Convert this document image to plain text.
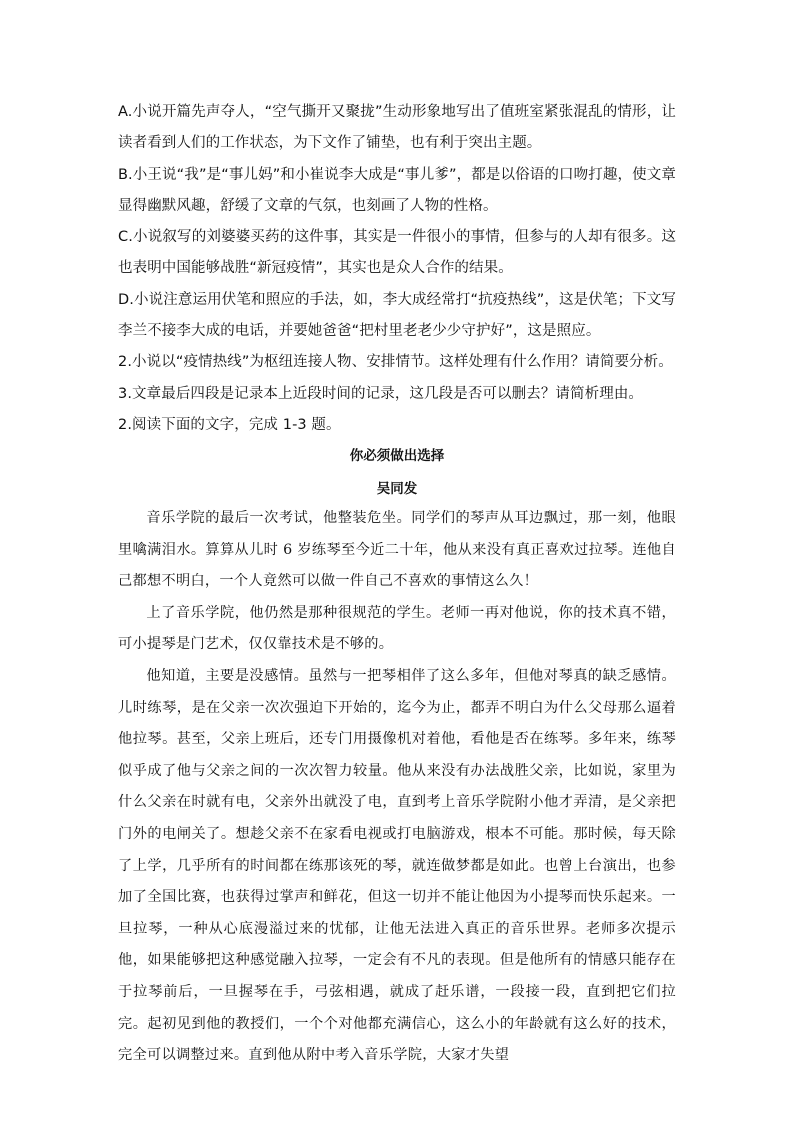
A.小说开篇先声夺人，“空气撕开又聚拢”生动形象地写出了值班室紧张混乱的情形，让读者看到人们的工作状态，为下文作了铺垫，也有利于突出主题。

B.小王说“我”是“事儿妈”和小崔说李大成是“事儿爹”，都是以俗语的口吻打趣，使文章显得幽默风趣，舒缓了文章的气氛，也刻画了人物的性格。

C.小说叙写的刘婆婆买药的这件事，其实是一件很小的事情，但参与的人却有很多。这也表明中国能够战胜“新冠疫情”，其实也是众人合作的结果。

D.小说注意运用伏笔和照应的手法，如，李大成经常打“抗疫热线”，这是伏笔；下文写李兰不接李大成的电话，并要她爸爸“把村里老老少少守护好”，这是照应。

2.小说以“疫情热线”为枢纽连接人物、安排情节。这样处理有什么作用？请简要分析。

3.文章最后四段是记录本上近段时间的记录，这几段是否可以删去？请简析理由。

2.阅读下面的文字，完成 1-3 题。

你必须做出选择
吴同发

音乐学院的最后一次考试，他整装危坐。同学们的琴声从耳边飘过，那一刻，他眼里噙满泪水。算算从儿时 6 岁练琴至今近二十年，他从来没有真正喜欢过拉琴。连他自己都想不明白，一个人竟然可以做一件自己不喜欢的事情这么久！

上了音乐学院，他仍然是那种很规范的学生。老师一再对他说，你的技术真不错，可小提琴是门艺术，仅仅靠技术是不够的。

他知道，主要是没感情。虽然与一把琴相伴了这么多年，但他对琴真的缺乏感情。儿时练琴，是在父亲一次次强迫下开始的，迄今为止，都弄不明白为什么父母那么逼着他拉琴。甚至，父亲上班后，还专门用摄像机对着他，看他是否在练琴。多年来，练琴似乎成了他与父亲之间的一次次智力较量。他从来没有办法战胜父亲，比如说，家里为什么父亲在时就有电，父亲外出就没了电，直到考上音乐学院附小他才弄清，是父亲把门外的电闸关了。想趁父亲不在家看电视或打电脑游戏，根本不可能。那时候，每天除了上学，几乎所有的时间都在练那该死的琴，就连做梦都是如此。也曾上台演出，也参加了全国比赛，也获得过掌声和鲜花，但这一切并不能让他因为小提琴而快乐起来。一旦拉琴，一种从心底漫溢过来的忧郁，让他无法进入真正的音乐世界。老师多次提示他，如果能够把这种感觉融入拉琴，一定会有不凡的表现。但是他所有的情感只能存在于拉琴前后，一旦握琴在手，弓弦相遇，就成了赶乐谱，一段接一段，直到把它们拉完。起初见到他的教授们，一个个对他都充满信心，这么小的年龄就有这么好的技术，完全可以调整过来。直到他从附中考入音乐学院，大家才失望
